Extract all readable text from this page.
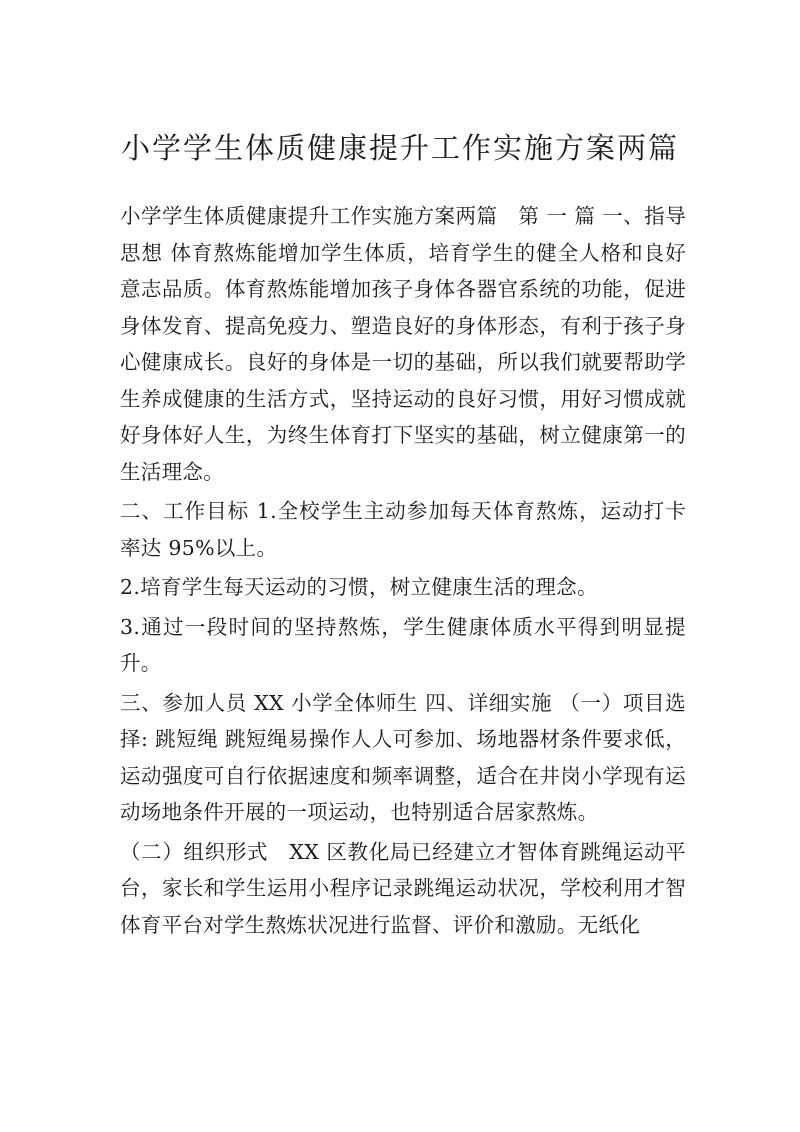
小学学生体质健康提升工作实施方案两篇

小学学生体质健康提升工作实施方案两篇　第 一 篇 一、指导思想 体育熬炼能增加学生体质，培育学生的健全人格和良好意志品质。体育熬炼能增加孩子身体各器官系统的功能，促进身体发育、提高免疫力、塑造良好的身体形态，有利于孩子身心健康成长。良好的身体是一切的基础，所以我们就要帮助学生养成健康的生活方式，坚持运动的良好习惯，用好习惯成就好身体好人生，为终生体育打下坚实的基础，树立健康第一的生活理念。

二、工作目标 1.全校学生主动参加每天体育熬炼，运动打卡率达 95%以上。

2.培育学生每天运动的习惯，树立健康生活的理念。

3.通过一段时间的坚持熬炼，学生健康体质水平得到明显提升。

三、参加人员 XX 小学全体师生 四、详细实施 （一）项目选择: 跳短绳 跳短绳易操作人人可参加、场地器材条件要求低，运动强度可自行依据速度和频率调整，适合在井岗小学现有运动场地条件开展的一项运动，也特别适合居家熬炼。

（二）组织形式　XX 区教化局已经建立才智体育跳绳运动平台，家长和学生运用小程序记录跳绳运动状况，学校利用才智体育平台对学生熬炼状况进行监督、评价和激励。无纸化
